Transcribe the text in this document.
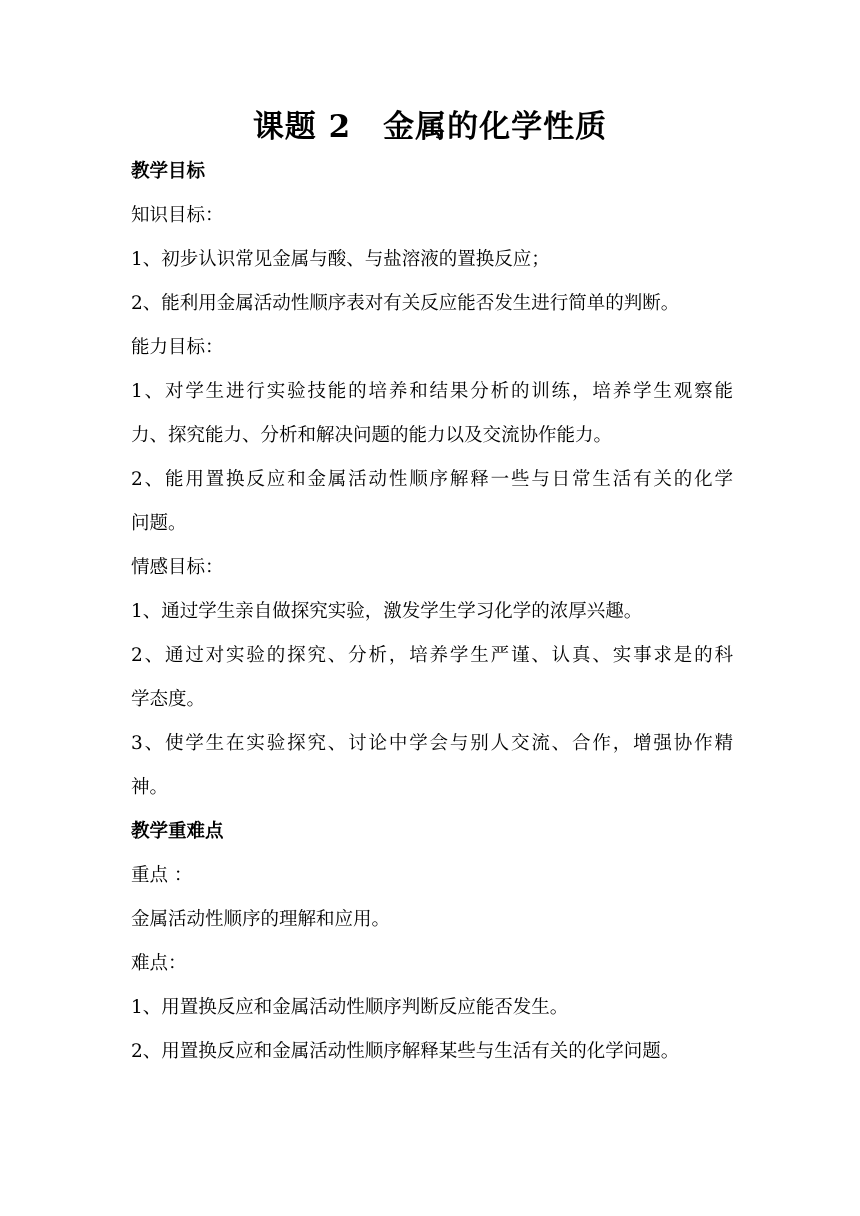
课题 2　金属的化学性质
教学目标
知识目标：
1、初步认识常见金属与酸、与盐溶液的置换反应；
2、能利用金属活动性顺序表对有关反应能否发生进行简单的判断。
能力目标：
1、对学生进行实验技能的培养和结果分析的训练，培养学生观察能
力、探究能力、分析和解决问题的能力以及交流协作能力。
2、能用置换反应和金属活动性顺序解释一些与日常生活有关的化学
问题。
情感目标：
1、通过学生亲自做探究实验，激发学生学习化学的浓厚兴趣。
2、通过对实验的探究、分析，培养学生严谨、认真、实事求是的科
学态度。
3、使学生在实验探究、讨论中学会与别人交流、合作，增强协作精
神。
教学重难点
重点 ：
金属活动性顺序的理解和应用。
难点：
1、用置换反应和金属活动性顺序判断反应能否发生。
2、用置换反应和金属活动性顺序解释某些与生活有关的化学问题。
